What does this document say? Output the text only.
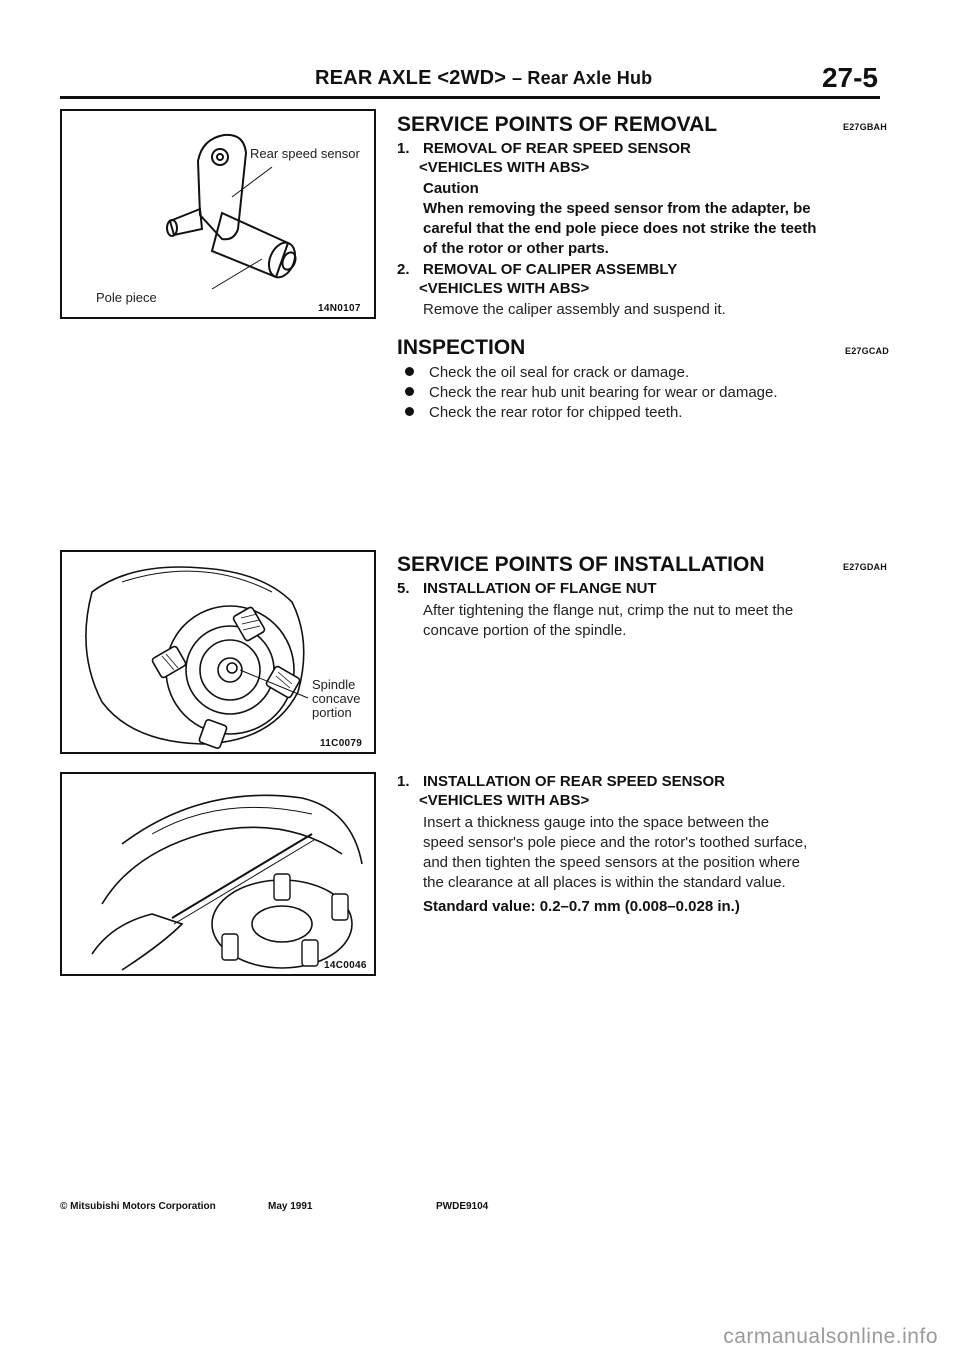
REAR AXLE <2WD> – Rear Axle Hub	27-5
Rear speed sensor
Pole piece
14N0107
Spindle
concave
portion
11C0079
14C0046
SERVICE POINTS OF REMOVAL	E27GBAH
1. REMOVAL OF REAR SPEED SENSOR
<VEHICLES WITH ABS>
Caution
When removing the speed sensor from the adapter, be
careful that the end pole piece does not strike the teeth
of the rotor or other parts.
2. REMOVAL OF CALIPER ASSEMBLY
<VEHICLES WITH ABS>
Remove the caliper assembly and suspend it.
INSPECTION	E27GCAD
Check the oil seal for crack or damage.
Check the rear hub unit bearing for wear or damage.
Check the rear rotor for chipped teeth.
SERVICE POINTS OF INSTALLATION	E27GDAH
5. INSTALLATION OF FLANGE NUT
After tightening the flange nut, crimp the nut to meet the
concave portion of the spindle.
1. INSTALLATION OF REAR SPEED SENSOR
<VEHICLES WITH ABS>
Insert a thickness gauge into the space between the
speed sensor's pole piece and the rotor's toothed surface,
and then tighten the speed sensors at the position where
the clearance at all places is within the standard value.
Standard value: 0.2–0.7 mm (0.008–0.028 in.)
© Mitsubishi Motors Corporation	May 1991	PWDE9104
carmanualsonline.info
